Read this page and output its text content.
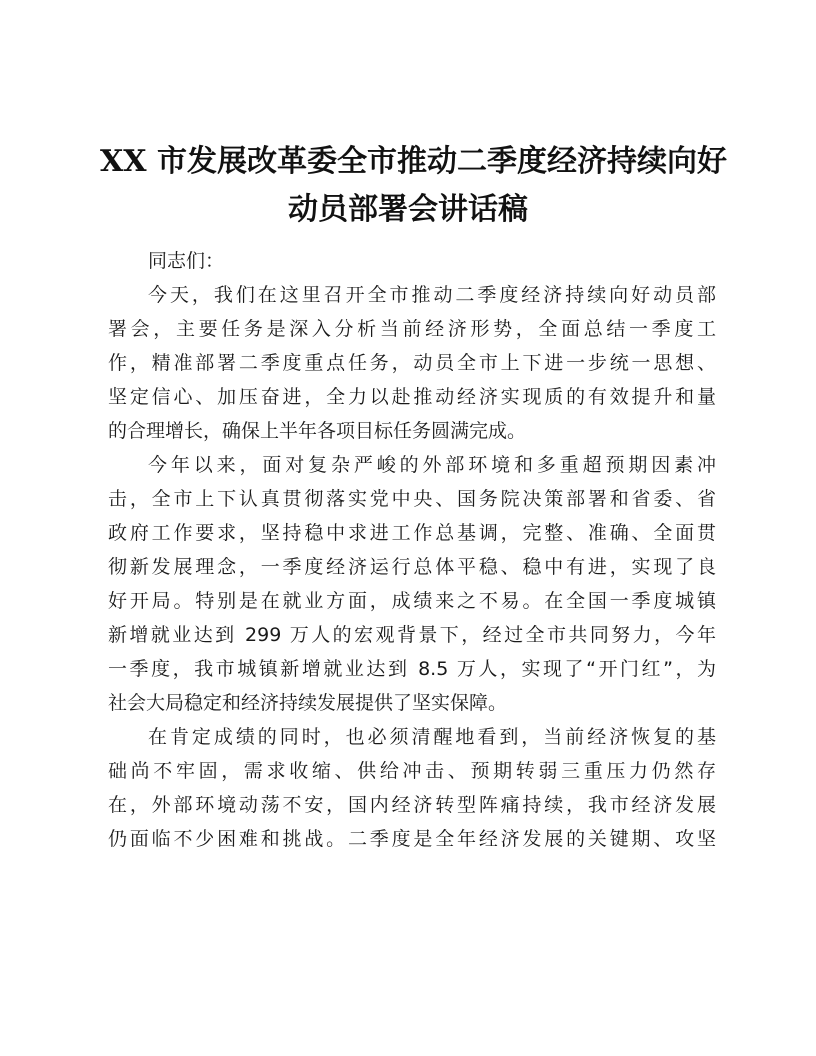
XX 市发展改革委全市推动二季度经济持续向好
动员部署会讲话稿
同志们：
今天，我们在这里召开全市推动二季度经济持续向好动员部
署会，主要任务是深入分析当前经济形势，全面总结一季度工
作，精准部署二季度重点任务，动员全市上下进一步统一思想、
坚定信心、加压奋进，全力以赴推动经济实现质的有效提升和量
的合理增长，确保上半年各项目标任务圆满完成。
今年以来，面对复杂严峻的外部环境和多重超预期因素冲
击，全市上下认真贯彻落实党中央、国务院决策部署和省委、省
政府工作要求，坚持稳中求进工作总基调，完整、准确、全面贯
彻新发展理念，一季度经济运行总体平稳、稳中有进，实现了良
好开局。特别是在就业方面，成绩来之不易。在全国一季度城镇
新增就业达到 299 万人的宏观背景下，经过全市共同努力，今年
一季度，我市城镇新增就业达到 8.5 万人，实现了“开门红”，为
社会大局稳定和经济持续发展提供了坚实保障。
在肯定成绩的同时，也必须清醒地看到，当前经济恢复的基
础尚不牢固，需求收缩、供给冲击、预期转弱三重压力仍然存
在，外部环境动荡不安，国内经济转型阵痛持续，我市经济发展
仍面临不少困难和挑战。二季度是全年经济发展的关键期、攻坚
